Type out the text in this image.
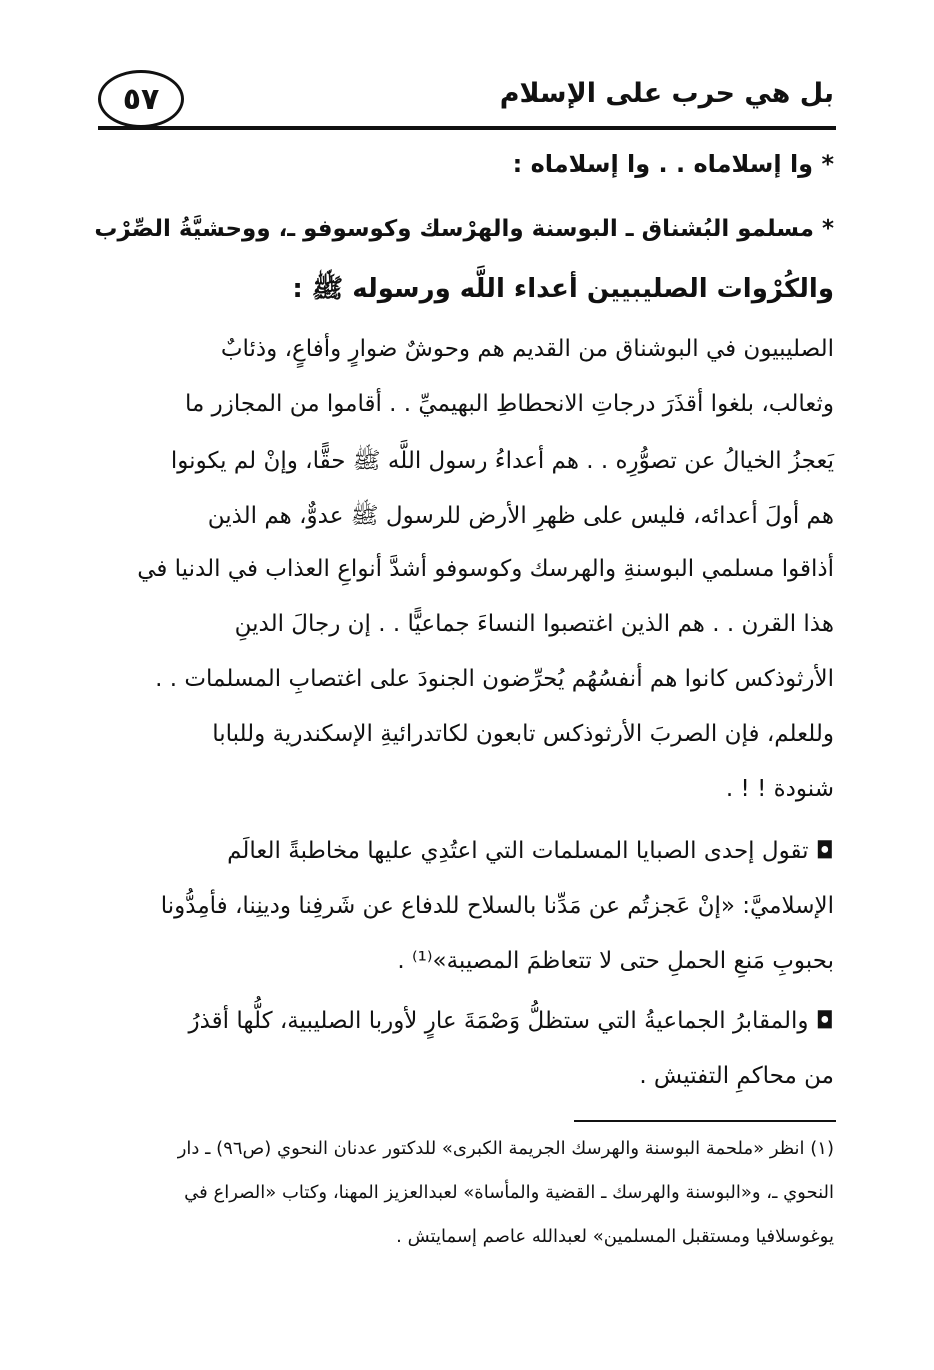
بل هي حرب على الإسلام
٥٧
* وا إسلاماه . . وا إسلاماه :
* مسلمو البُشناق ـ البوسنة والهرْسك وكوسوفو ـ، ووحشيَّةُ الصِّرْب
والكُرْوات الصليبيين أعداء اللَّه ورسوله ﷺ :
الصليبيون في البوشناق من القديم هم وحوشٌ ضوارٍ وأفاعٍ، وذئابٌ
وثعالب، بلغوا أقذَرَ درجاتِ الانحطاطِ البهيميِّ . . أقاموا من المجازر ما
يَعجزُ الخيالُ عن تصوُّرِه . . هم أعداءُ رسول اللَّه ﷺ حقًّا، وإنْ لم يكونوا
هم أولَ أعدائه، فليس على ظهرِ الأرض للرسول ﷺ عدوٌّ، هم الذين
أذاقوا مسلمي البوسنةِ والهرسك وكوسوفو أشدَّ أنواعِ العذاب في الدنيا في
هذا القرن . . هم الذين اغتصبوا النساءَ جماعيًّا . . إن رجالَ الدينِ
الأرثوذكس كانوا هم أنفسُهُم يُحرِّضون الجنودَ على اغتصابِ المسلمات . .
وللعلم، فإن الصربَ الأرثوذكس تابعون لكاتدرائيةِ الإسكندرية وللبابا
شنودة ! ! .
◘ تقول إحدى الصبايا المسلمات التي اعتُدِي عليها مخاطبةً العالَم
الإسلاميَّ: «إنْ عَجزتُم عن مَدِّنا بالسلاح للدفاع عن شَرفِنا ودينِنا، فأمِدُّونا
بحبوبِ مَنعِ الحملِ حتى لا تتعاظمَ المصيبة»⁽¹⁾ .
◘ والمقابرُ الجماعيةُ التي ستظلُّ وَصْمَةَ عارٍ لأوربا الصليبية، كلُّها أقذرُ
من محاكمِ التفتيش .
(١) انظر «ملحمة البوسنة والهرسك الجريمة الكبرى» للدكتور عدنان النحوي (ص٩٦) ـ دار
النحوي ـ، و«البوسنة والهرسك ـ القضية والمأساة» لعبدالعزيز المهنا، وكتاب «الصراع في
يوغوسلافيا ومستقبل المسلمين» لعبدالله عاصم إسمايتش .
